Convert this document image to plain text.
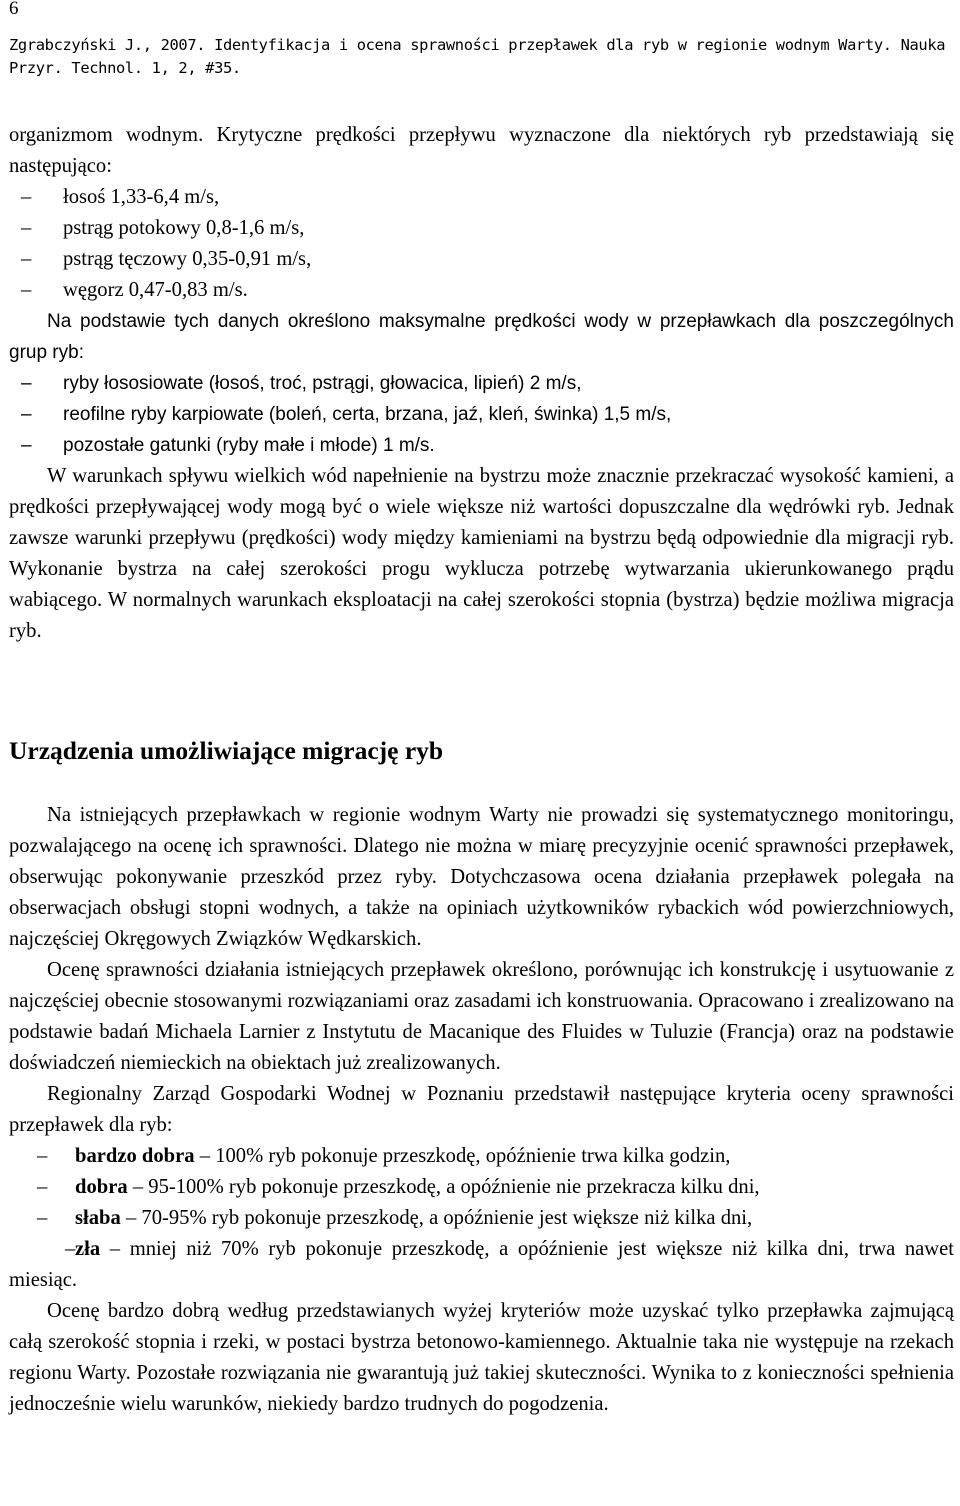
6
Zgrabczyński J., 2007. Identyfikacja i ocena sprawności przepławek dla ryb w regionie wodnym Warty. Nauka
Przyr. Technol. 1, 2, #35.

organizmom wodnym. Krytyczne prędkości przepływu wyznaczone dla niektórych ryb przedstawiają się następująco:

– łosoś 1,33-6,4 m/s,

– pstrąg potokowy 0,8-1,6 m/s,

– pstrąg tęczowy 0,35-0,91 m/s,

– węgorz 0,47-0,83 m/s.

Na podstawie tych danych określono maksymalne prędkości wody w przepławkach dla poszczególnych grup ryb:

– ryby łososiowate (łosoś, troć, pstrągi, głowacica, lipień) 2 m/s,

– reofilne ryby karpiowate (boleń, certa, brzana, jaź, kleń, świnka) 1,5 m/s,

– pozostałe gatunki (ryby małe i młode) 1 m/s.

W warunkach spływu wielkich wód napełnienie na bystrzu może znacznie przekraczać wysokość kamieni, a prędkości przepływającej wody mogą być o wiele większe niż wartości dopuszczalne dla wędrówki ryb. Jednak zawsze warunki przepływu (prędkości) wody między kamieniami na bystrzu będą odpowiednie dla migracji ryb. Wykonanie bystrza na całej szerokości progu wyklucza potrzebę wytwarzania ukierunkowanego prądu wabiącego. W normalnych warunkach eksploatacji na całej szerokości stopnia (bystrza) będzie możliwa migracja ryb.

Urządzenia umożliwiające migrację ryb

Na istniejących przepławkach w regionie wodnym Warty nie prowadzi się systematycznego monitoringu, pozwalającego na ocenę ich sprawności. Dlatego nie można w miarę precyzyjnie ocenić sprawności przepławek, obserwując pokonywanie przeszkód przez ryby. Dotychczasowa ocena działania przepławek polegała na obserwacjach obsługi stopni wodnych, a także na opiniach użytkowników rybackich wód powierzchniowych, najczęściej Okręgowych Związków Wędkarskich.

Ocenę sprawności działania istniejących przepławek określono, porównując ich konstrukcję i usytuowanie z najczęściej obecnie stosowanymi rozwiązaniami oraz zasadami ich konstruowania. Opracowano i zrealizowano na podstawie badań Michaela Larnier z Instytutu de Macanique des Fluides w Tuluzie (Francja) oraz na podstawie doświadczeń niemieckich na obiektach już zrealizowanych.

Regionalny Zarząd Gospodarki Wodnej w Poznaniu przedstawił następujące kryteria oceny sprawności przepławek dla ryb:

– bardzo dobra – 100% ryb pokonuje przeszkodę, opóźnienie trwa kilka godzin,

– dobra – 95-100% ryb pokonuje przeszkodę, a opóźnienie nie przekracza kilku dni,

– słaba – 70-95% ryb pokonuje przeszkodę, a opóźnienie jest większe niż kilka dni,

–zła – mniej niż 70% ryb pokonuje przeszkodę, a opóźnienie jest większe niż kilka dni, trwa nawet miesiąc.

Ocenę bardzo dobrą według przedstawianych wyżej kryteriów może uzyskać tylko przepławka zajmującą całą szerokość stopnia i rzeki, w postaci bystrza betonowo-kamiennego. Aktualnie taka nie występuje na rzekach regionu Warty. Pozostałe rozwiązania nie gwarantują już takiej skuteczności. Wynika to z konieczności spełnienia jednocześnie wielu warunków, niekiedy bardzo trudnych do pogodzenia.
